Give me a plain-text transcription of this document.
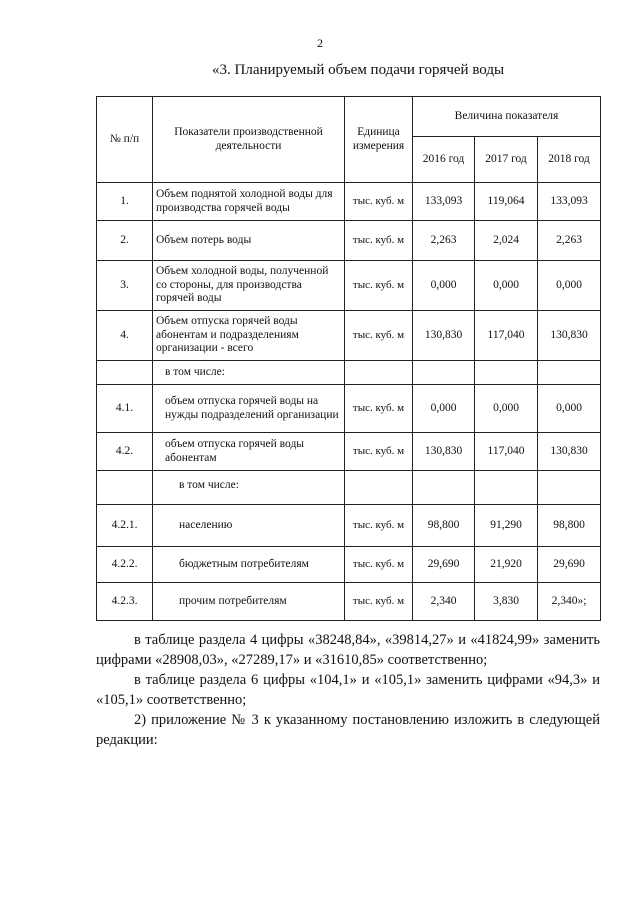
2
«3. Планируемый объем подачи горячей воды
№ п/п	Показатели производственной деятельности	Единица измерения	Величина показателя		
			2016 год	2017 год	2018 год
1.	Объем поднятой холодной воды для производства горячей воды	тыс. куб. м	133,093	119,064	133,093
2.	Объем потерь воды	тыс. куб. м	2,263	2,024	2,263
3.	Объем холодной воды, полученной со стороны, для производства горячей воды	тыс. куб. м	0,000	0,000	0,000
4.	Объем отпуска горячей воды абонентам и подразделениям организации - всего	тыс. куб. м	130,830	117,040	130,830
	в том числе:				
4.1.	объем отпуска горячей воды на нужды подразделений организации	тыс. куб. м	0,000	0,000	0,000
4.2.	объем отпуска горячей воды абонентам	тыс. куб. м	130,830	117,040	130,830
	в том числе:				
4.2.1.	населению	тыс. куб. м	98,800	91,290	98,800
4.2.2.	бюджетным потребителям	тыс. куб. м	29,690	21,920	29,690
4.2.3.	прочим потребителям	тыс. куб. м	2,340	3,830	2,340»;

в таблице раздела 4 цифры «38248,84», «39814,27» и «41824,99» заменить цифрами «28908,03», «27289,17» и «31610,85» соответственно;

в таблице раздела 6 цифры «104,1» и «105,1» заменить цифрами «94,3» и «105,1» соответственно;

2) приложение № 3 к указанному постановлению изложить в следующей редакции:
